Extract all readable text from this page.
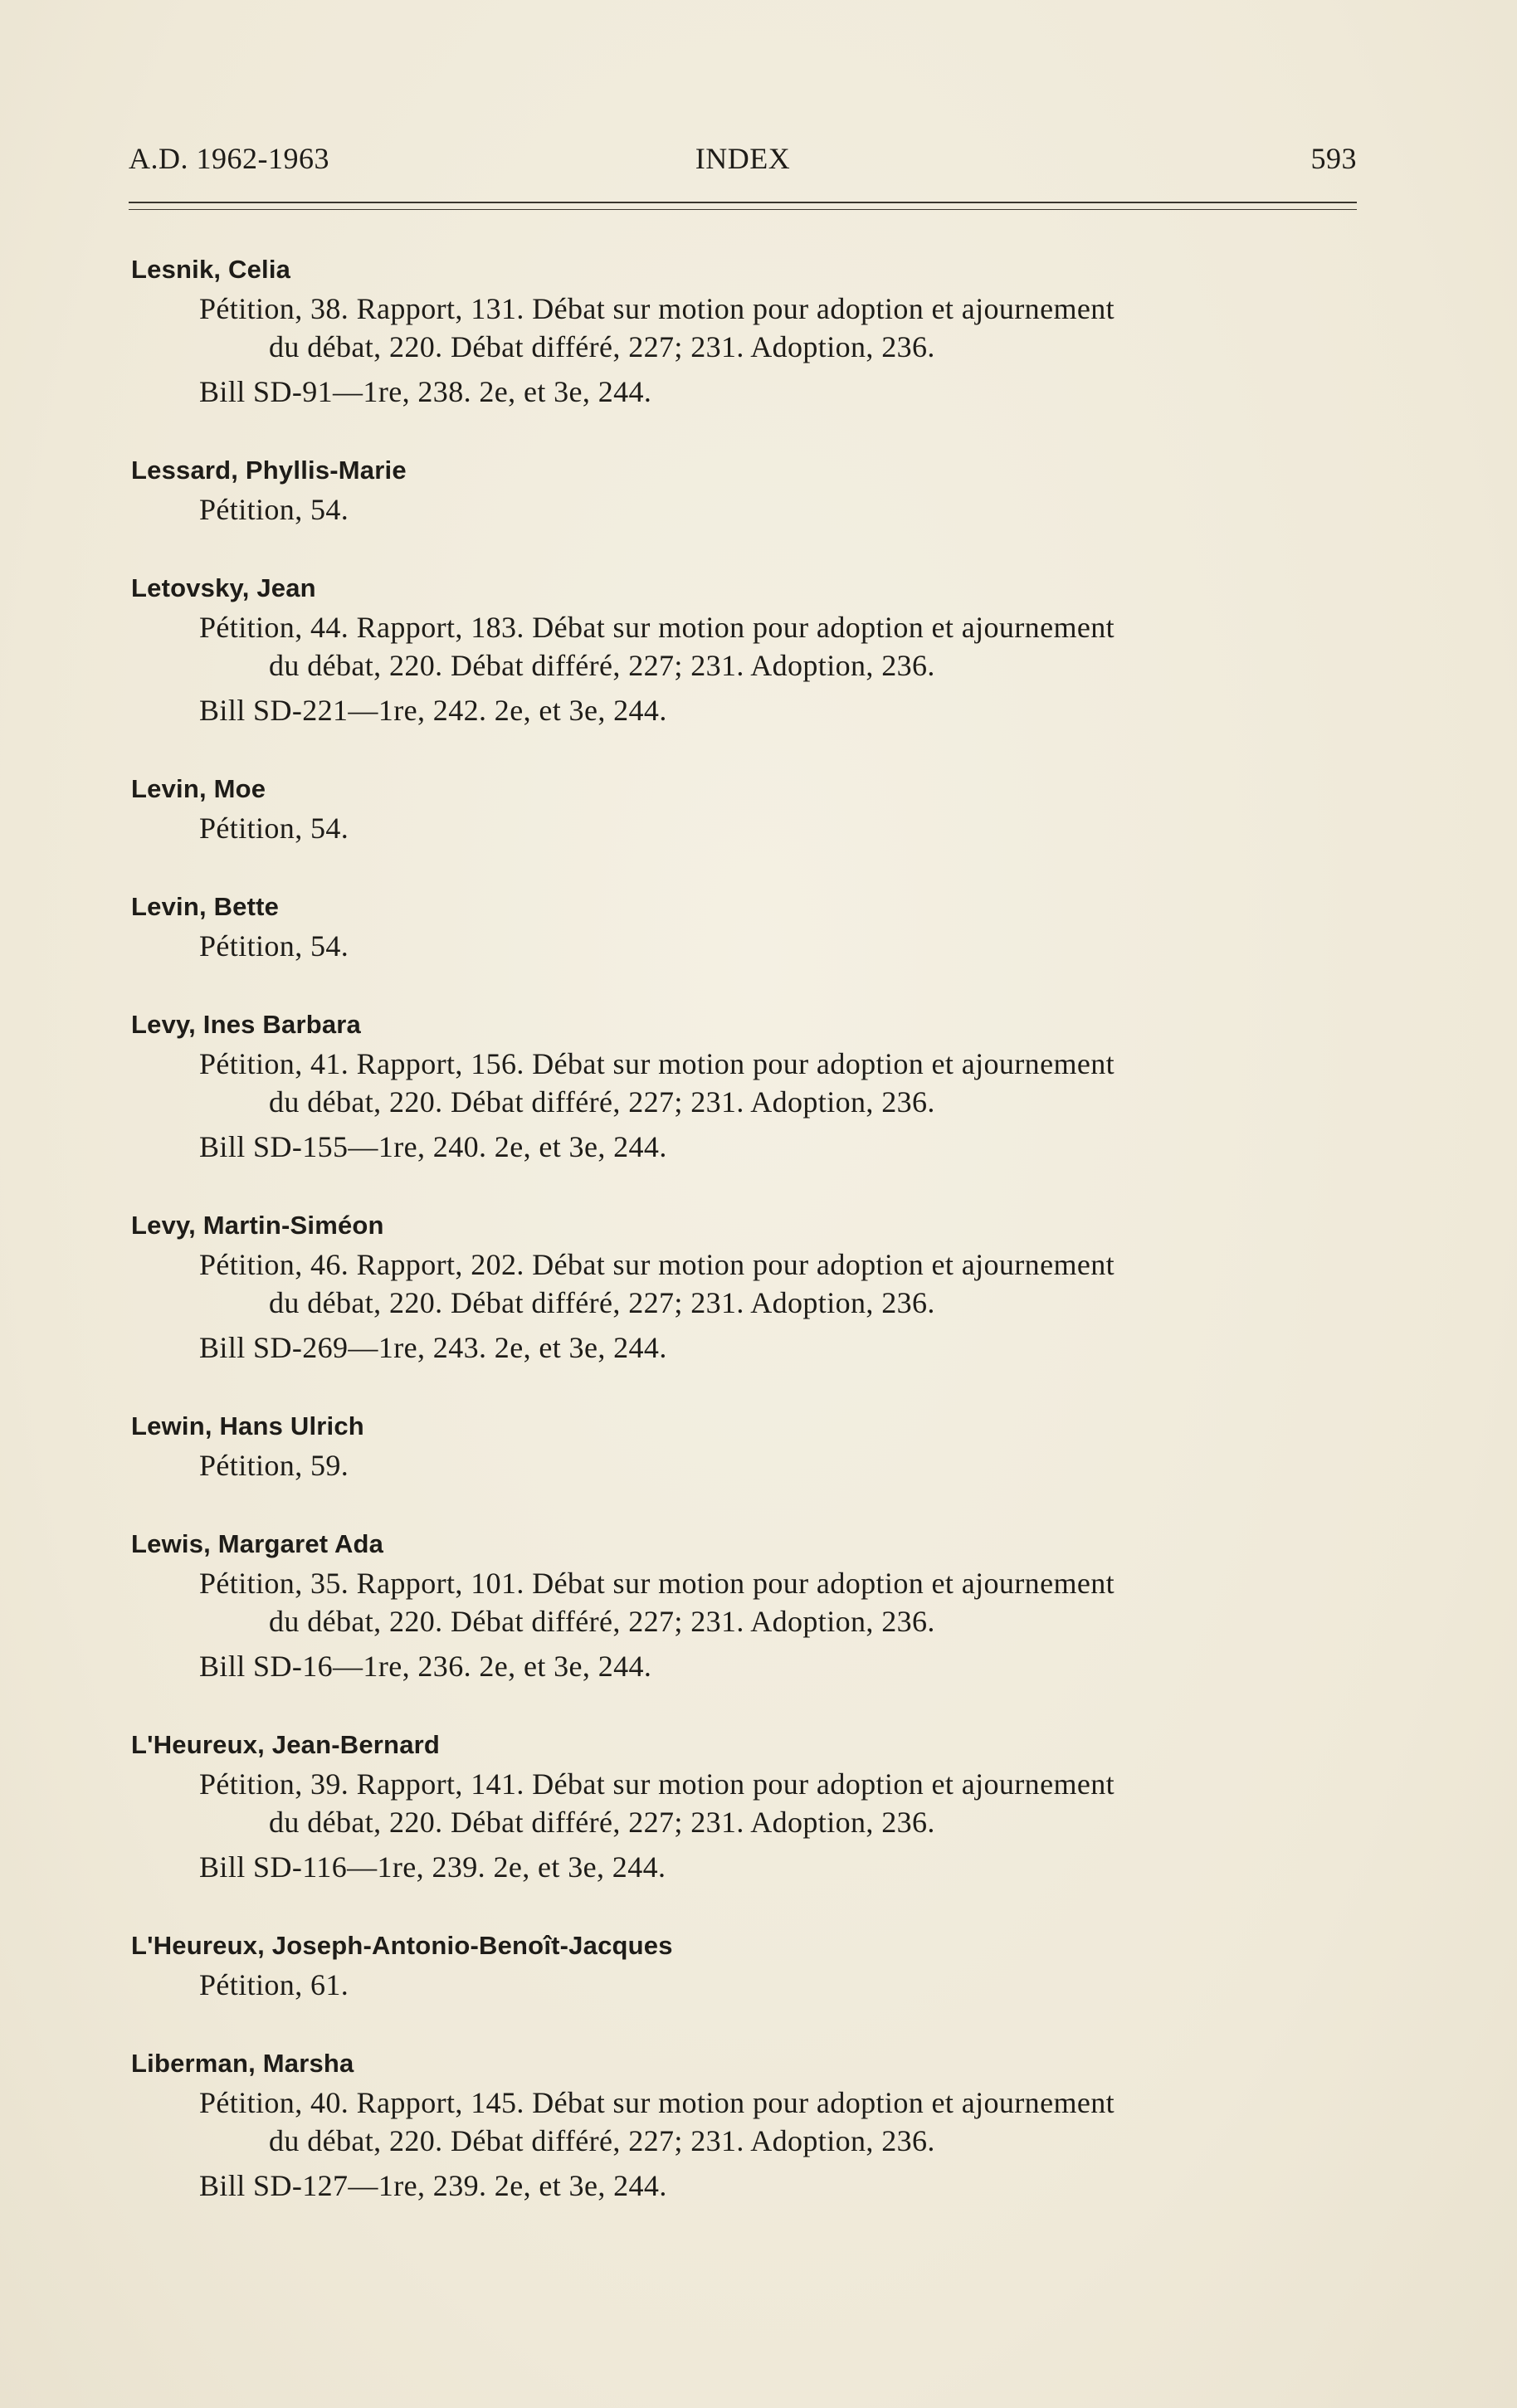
A.D. 1962-1963	INDEX	593
Lesnik, Celia
Pétition, 38. Rapport, 131. Débat sur motion pour adoption et ajournement
du débat, 220. Débat différé, 227; 231. Adoption, 236.
Bill SD-91—1re, 238. 2e, et 3e, 244.
Lessard, Phyllis-Marie
Pétition, 54.
Letovsky, Jean
Pétition, 44. Rapport, 183. Débat sur motion pour adoption et ajournement
du débat, 220. Débat différé, 227; 231. Adoption, 236.
Bill SD-221—1re, 242. 2e, et 3e, 244.
Levin, Moe
Pétition, 54.
Levin, Bette
Pétition, 54.
Levy, Ines Barbara
Pétition, 41. Rapport, 156. Débat sur motion pour adoption et ajournement
du débat, 220. Débat différé, 227; 231. Adoption, 236.
Bill SD-155—1re, 240. 2e, et 3e, 244.
Levy, Martin-Siméon
Pétition, 46. Rapport, 202. Débat sur motion pour adoption et ajournement
du débat, 220. Débat différé, 227; 231. Adoption, 236.
Bill SD-269—1re, 243. 2e, et 3e, 244.
Lewin, Hans Ulrich
Pétition, 59.
Lewis, Margaret Ada
Pétition, 35. Rapport, 101. Débat sur motion pour adoption et ajournement
du débat, 220. Débat différé, 227; 231. Adoption, 236.
Bill SD-16—1re, 236. 2e, et 3e, 244.
L'Heureux, Jean-Bernard
Pétition, 39. Rapport, 141. Débat sur motion pour adoption et ajournement
du débat, 220. Débat différé, 227; 231. Adoption, 236.
Bill SD-116—1re, 239. 2e, et 3e, 244.
L'Heureux, Joseph-Antonio-Benoît-Jacques
Pétition, 61.
Liberman, Marsha
Pétition, 40. Rapport, 145. Débat sur motion pour adoption et ajournement
du débat, 220. Débat différé, 227; 231. Adoption, 236.
Bill SD-127—1re, 239. 2e, et 3e, 244.
